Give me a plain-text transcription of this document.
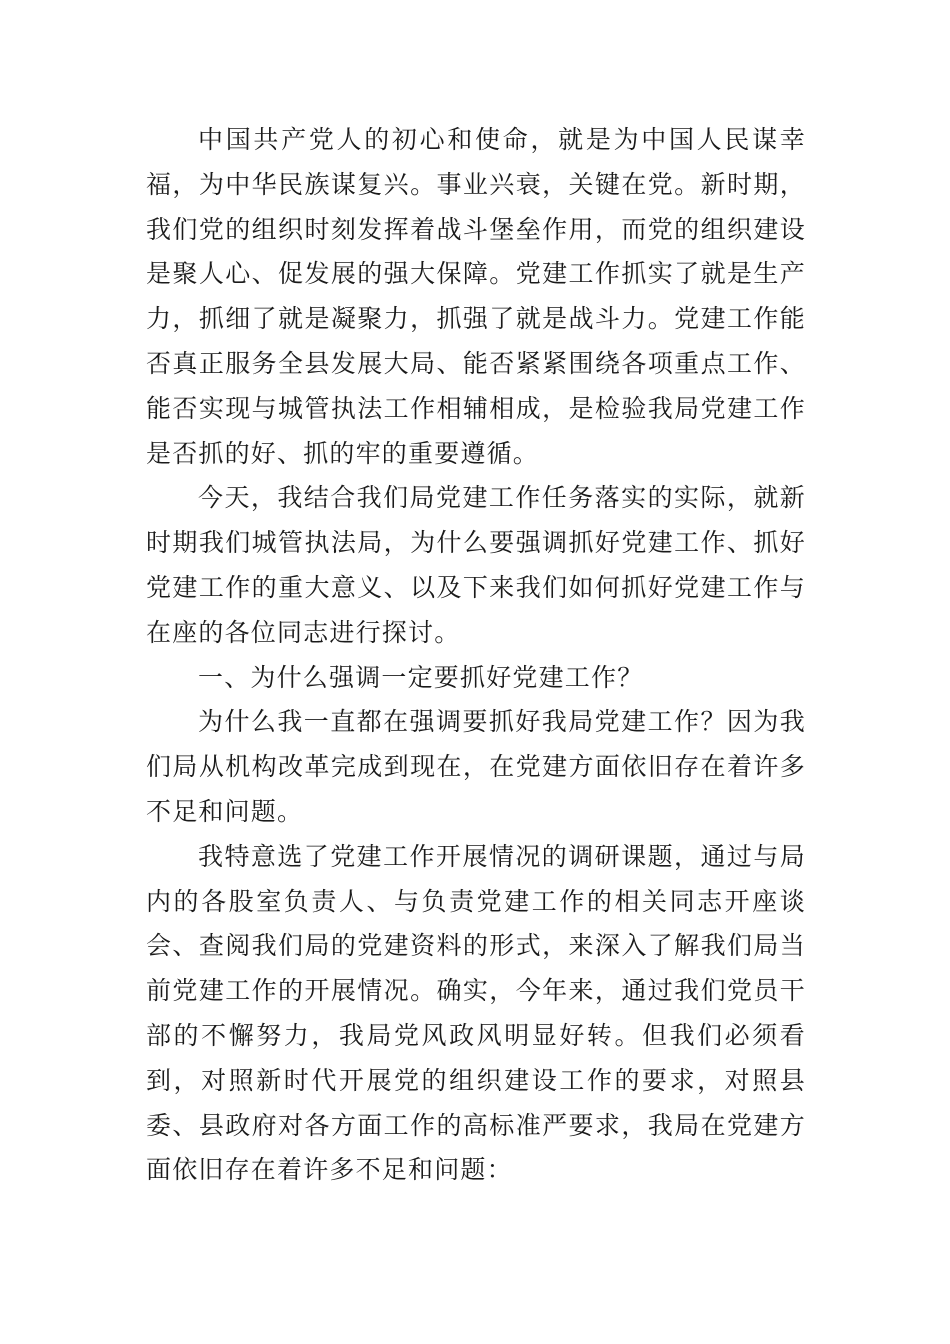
中国共产党人的初心和使命，就是为中国人民谋幸福，为中华民族谋复兴。事业兴衰，关键在党。新时期，我们党的组织时刻发挥着战斗堡垒作用，而党的组织建设是聚人心、促发展的强大保障。党建工作抓实了就是生产力，抓细了就是凝聚力，抓强了就是战斗力。党建工作能否真正服务全县发展大局、能否紧紧围绕各项重点工作、能否实现与城管执法工作相辅相成，是检验我局党建工作是否抓的好、抓的牢的重要遵循。

今天，我结合我们局党建工作任务落实的实际，就新时期我们城管执法局，为什么要强调抓好党建工作、抓好党建工作的重大意义、以及下来我们如何抓好党建工作与在座的各位同志进行探讨。

一、为什么强调一定要抓好党建工作？

为什么我一直都在强调要抓好我局党建工作？因为我们局从机构改革完成到现在，在党建方面依旧存在着许多不足和问题。

我特意选了党建工作开展情况的调研课题，通过与局内的各股室负责人、与负责党建工作的相关同志开座谈会、查阅我们局的党建资料的形式，来深入了解我们局当前党建工作的开展情况。确实，今年来，通过我们党员干部的不懈努力，我局党风政风明显好转。但我们必须看到，对照新时代开展党的组织建设工作的要求，对照县委、县政府对各方面工作的高标准严要求，我局在党建方面依旧存在着许多不足和问题：
